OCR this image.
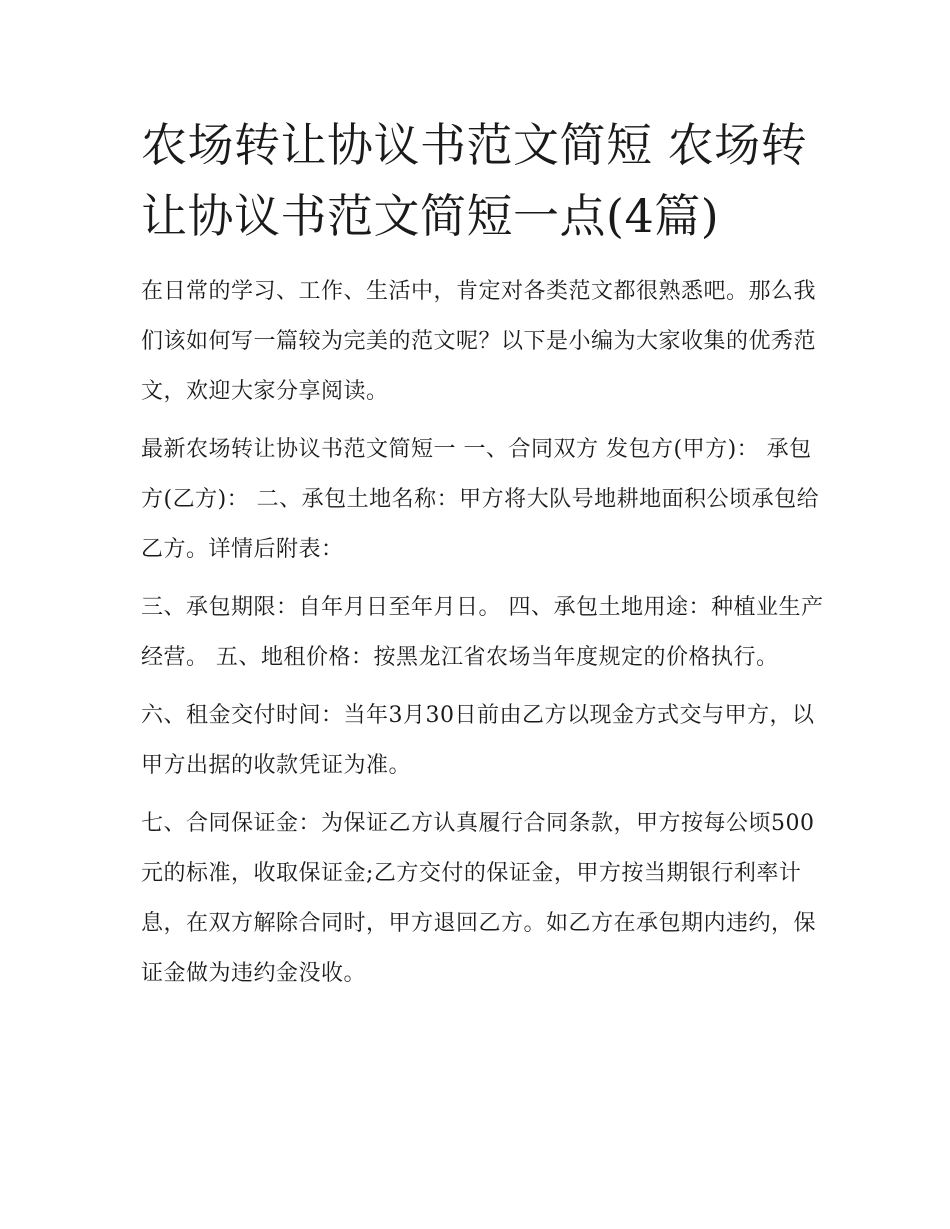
农场转让协议书范文简短 农场转让协议书范文简短一点(4篇)

在日常的学习、工作、生活中，肯定对各类范文都很熟悉吧。那么我们该如何写一篇较为完美的范文呢？以下是小编为大家收集的优秀范文，欢迎大家分享阅读。

最新农场转让协议书范文简短一 一、合同双方 发包方(甲方)： 承包方(乙方)： 二、承包土地名称：甲方将大队号地耕地面积公顷承包给乙方。详情后附表：

三、承包期限：自年月日至年月日。 四、承包土地用途：种植业生产经营。 五、地租价格：按黑龙江省农场当年度规定的价格执行。

六、租金交付时间：当年3月30日前由乙方以现金方式交与甲方，以甲方出据的收款凭证为准。

七、合同保证金：为保证乙方认真履行合同条款，甲方按每公顷500元的标准，收取保证金;乙方交付的保证金，甲方按当期银行利率计息，在双方解除合同时，甲方退回乙方。如乙方在承包期内违约，保证金做为违约金没收。
